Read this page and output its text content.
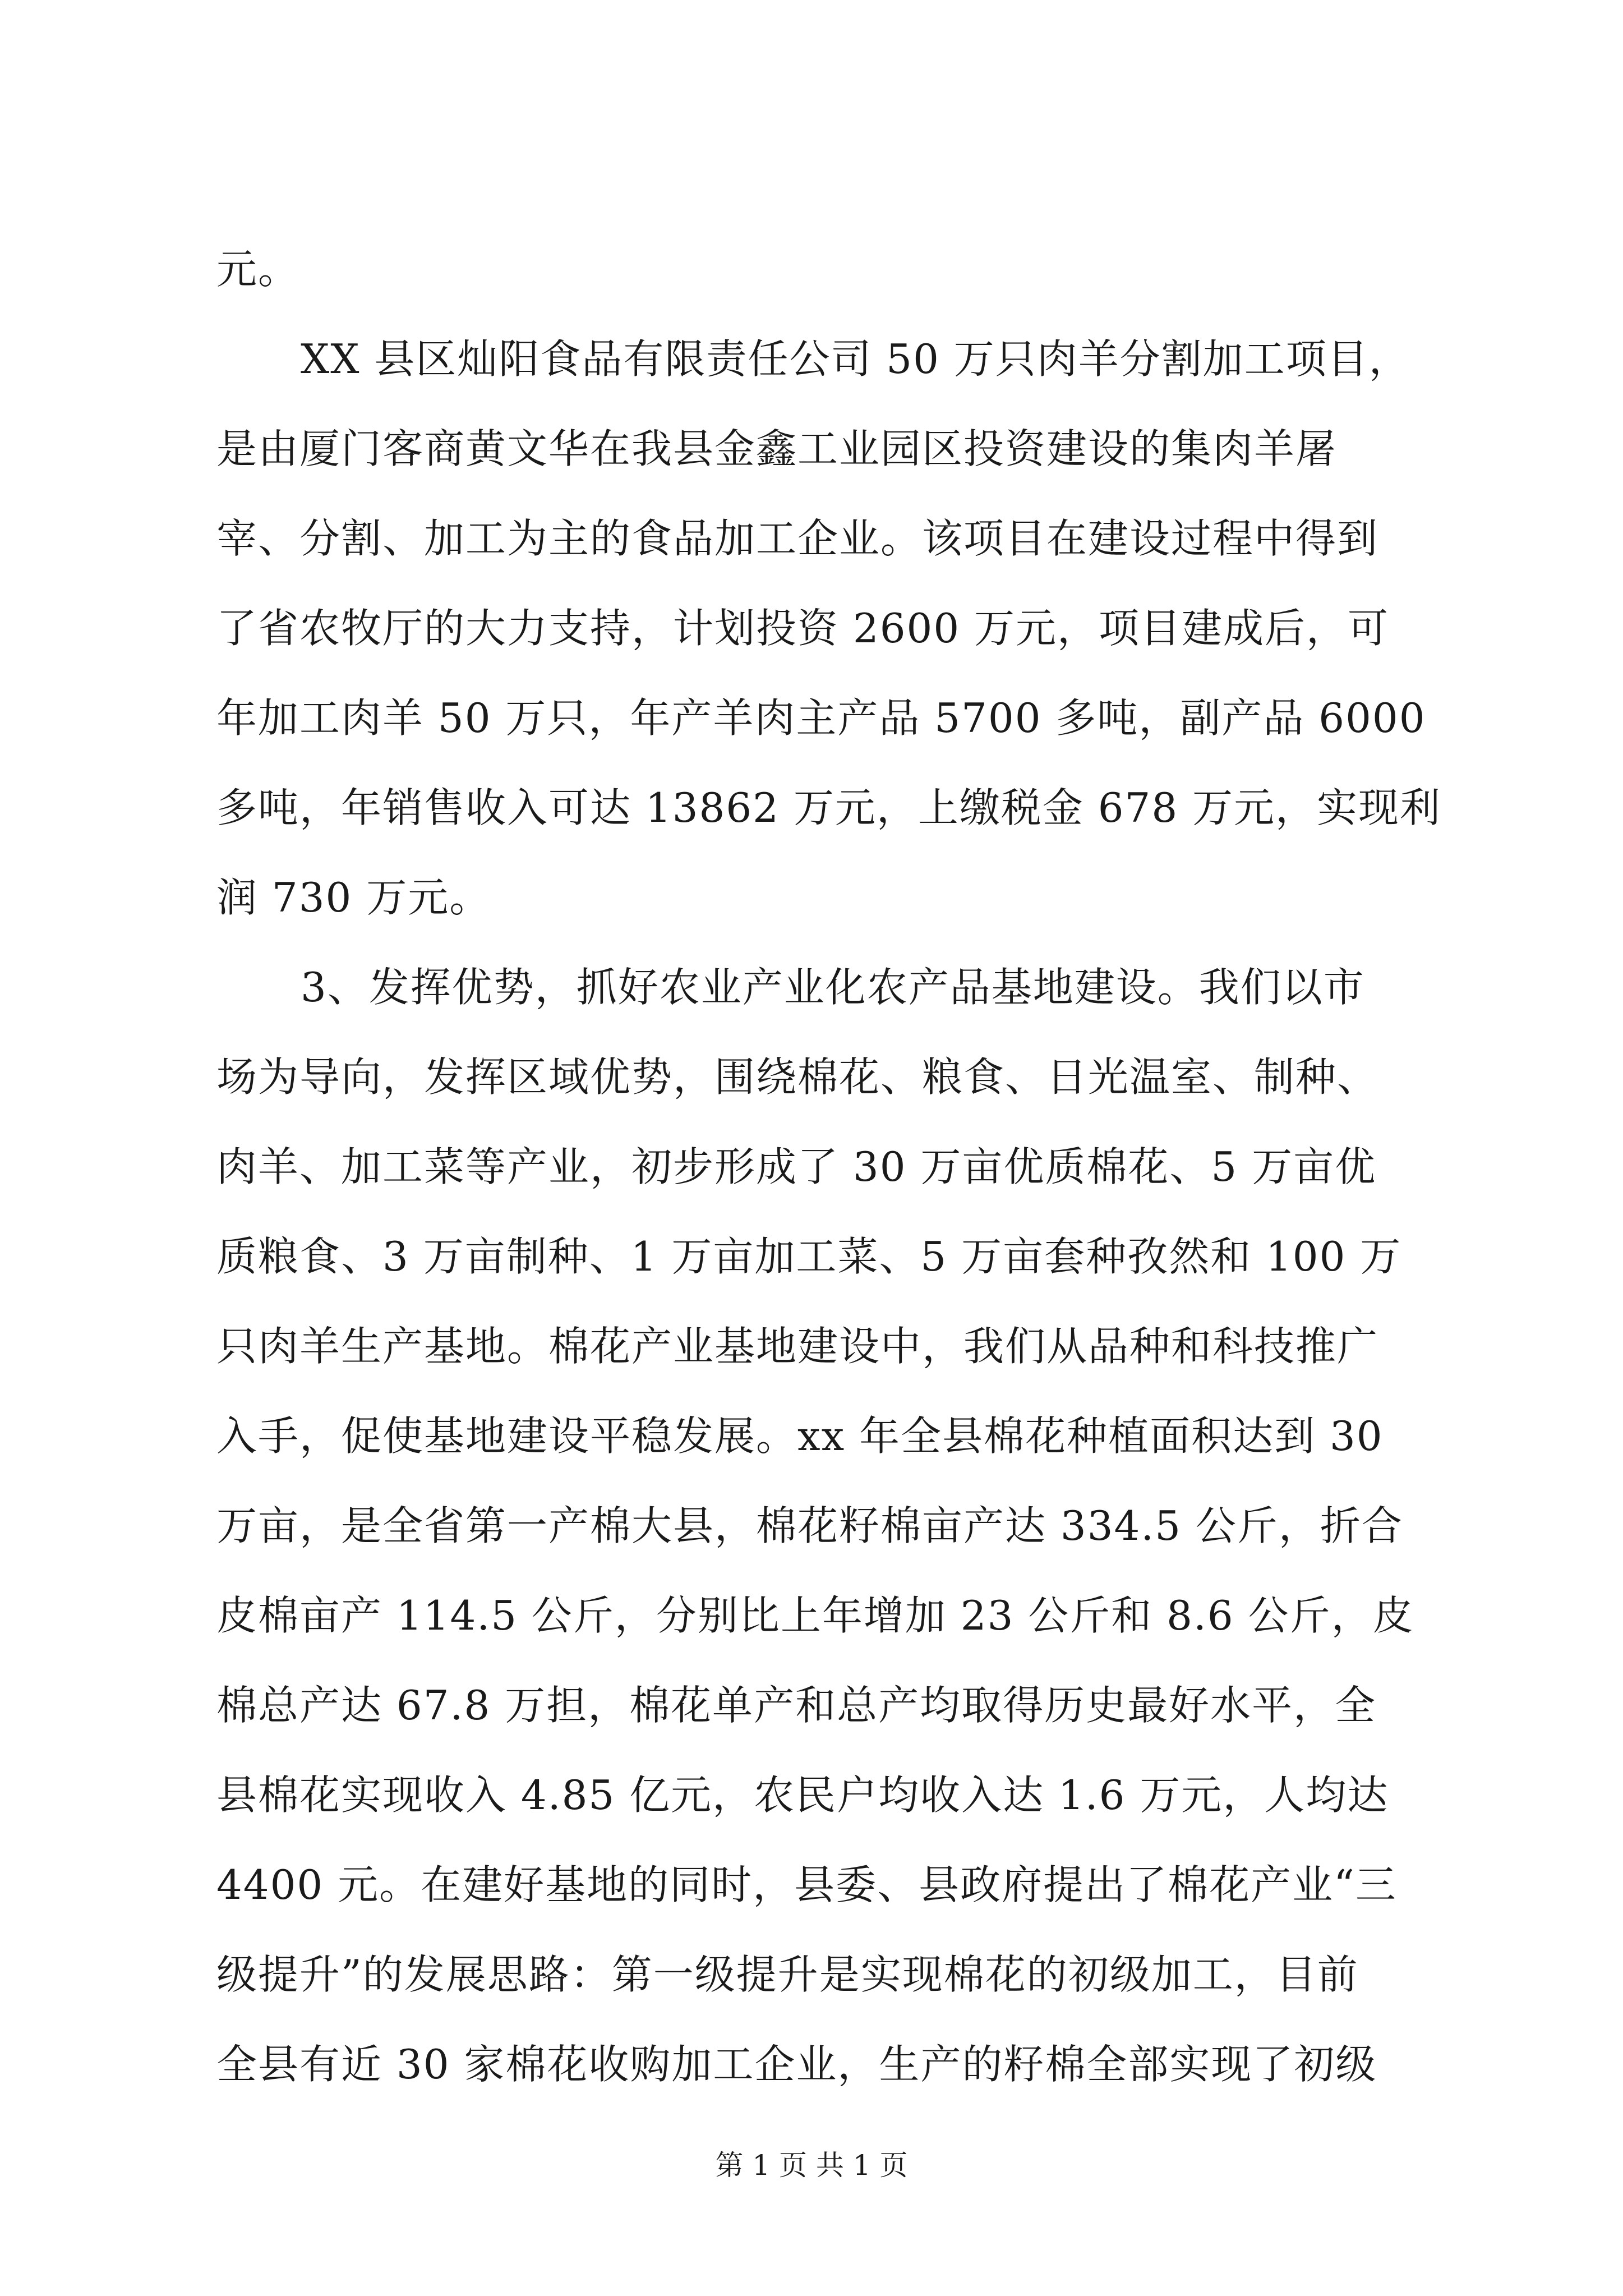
元。
XX 县区灿阳食品有限责任公司 50 万只肉羊分割加工项目，
是由厦门客商黄文华在我县金鑫工业园区投资建设的集肉羊屠
宰、分割、加工为主的食品加工企业。该项目在建设过程中得到
了省农牧厅的大力支持，计划投资 2600 万元，项目建成后，可
年加工肉羊 50 万只，年产羊肉主产品 5700 多吨，副产品 6000
多吨，年销售收入可达 13862 万元，上缴税金 678 万元，实现利
润 730 万元。
3、发挥优势，抓好农业产业化农产品基地建设。我们以市
场为导向，发挥区域优势，围绕棉花、粮食、日光温室、制种、
肉羊、加工菜等产业，初步形成了 30 万亩优质棉花、5 万亩优
质粮食、3 万亩制种、1 万亩加工菜、5 万亩套种孜然和 100 万
只肉羊生产基地。棉花产业基地建设中，我们从品种和科技推广
入手，促使基地建设平稳发展。xx 年全县棉花种植面积达到 30
万亩，是全省第一产棉大县，棉花籽棉亩产达 334.5 公斤，折合
皮棉亩产 114.5 公斤，分别比上年增加 23 公斤和 8.6 公斤，皮
棉总产达 67.8 万担，棉花单产和总产均取得历史最好水平，全
县棉花实现收入 4.85 亿元，农民户均收入达 1.6 万元，人均达
4400 元。在建好基地的同时，县委、县政府提出了棉花产业“三
级提升”的发展思路：第一级提升是实现棉花的初级加工，目前
全县有近 30 家棉花收购加工企业，生产的籽棉全部实现了初级
第 1 页 共 1 页
